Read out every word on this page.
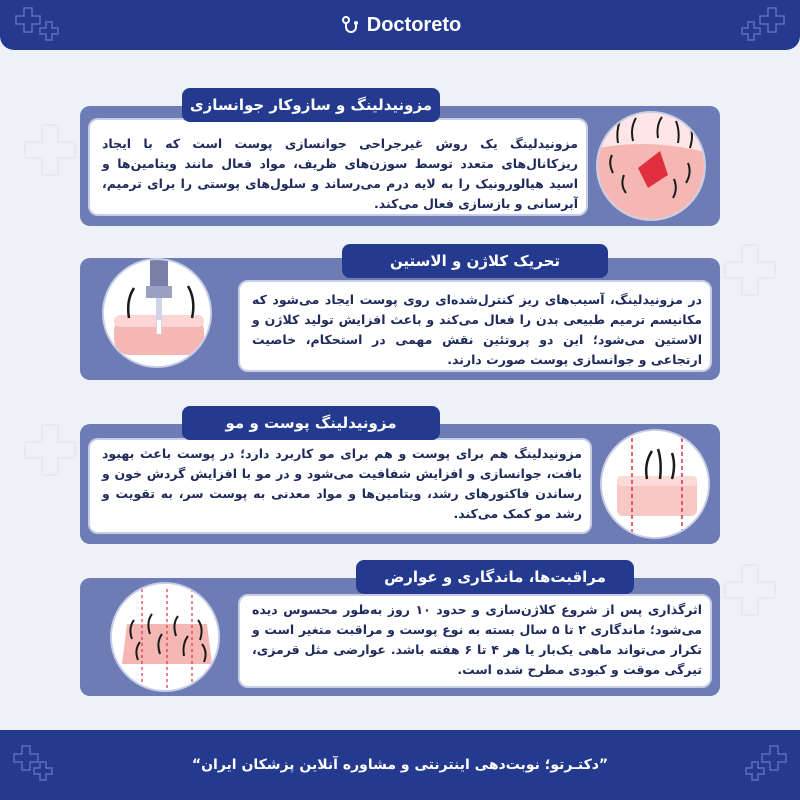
Doctoreto
مزونیدلینگ یک روش غیرجراحی جوانسازی پوست است که با ایجاد ریزکانال‌های متعدد توسط سوزن‌های ظریف، مواد فعال مانند ویتامین‌ها و اسید هیالورونیک را به لایه درم می‌رساند و سلول‌های پوستی را برای ترمیم، آبرسانی و بازسازی فعال می‌کند.
مزونیدلینگ و سازوکار جوانسازی
در مزونیدلینگ، آسیب‌های ریز کنترل‌شده‌ای روی پوست ایجاد می‌شود که مکانیسم ترمیم طبیعی بدن را فعال می‌کند و باعث افزایش تولید کلاژن و الاستین می‌شود؛ این دو پروتئین نقش مهمی در استحکام، خاصیت ارتجاعی و جوانسازی پوست صورت دارند.
تحریک کلاژن و الاستین
مزونیدلینگ هم برای پوست و هم برای مو کاربرد دارد؛ در پوست باعث بهبود بافت، جوانسازی و افزایش شفافیت می‌شود و در مو با افزایش گردش خون و رساندن فاکتورهای رشد، ویتامین‌ها و مواد معدنی به پوست سر، به تقویت و رشد مو کمک می‌کند.
مزونیدلینگ پوست و مو
اثرگذاری پس از شروع کلاژن‌سازی و حدود ۱۰ روز به‌طور محسوس دیده می‌شود؛ ماندگاری ۲ تا ۵ سال بسته به نوع پوست و مراقبت متغیر است و تکرار می‌تواند ماهی یک‌بار یا هر ۴ تا ۶ هفته باشد. عوارضی مثل قرمزی، تیرگی موقت و کبودی مطرح شده است.
مراقبت‌ها، ماندگاری و عوارض
”دکتـرتو؛ نوبت‌دهی اینترنتی و مشاوره آنلاین پزشکان ایران“
